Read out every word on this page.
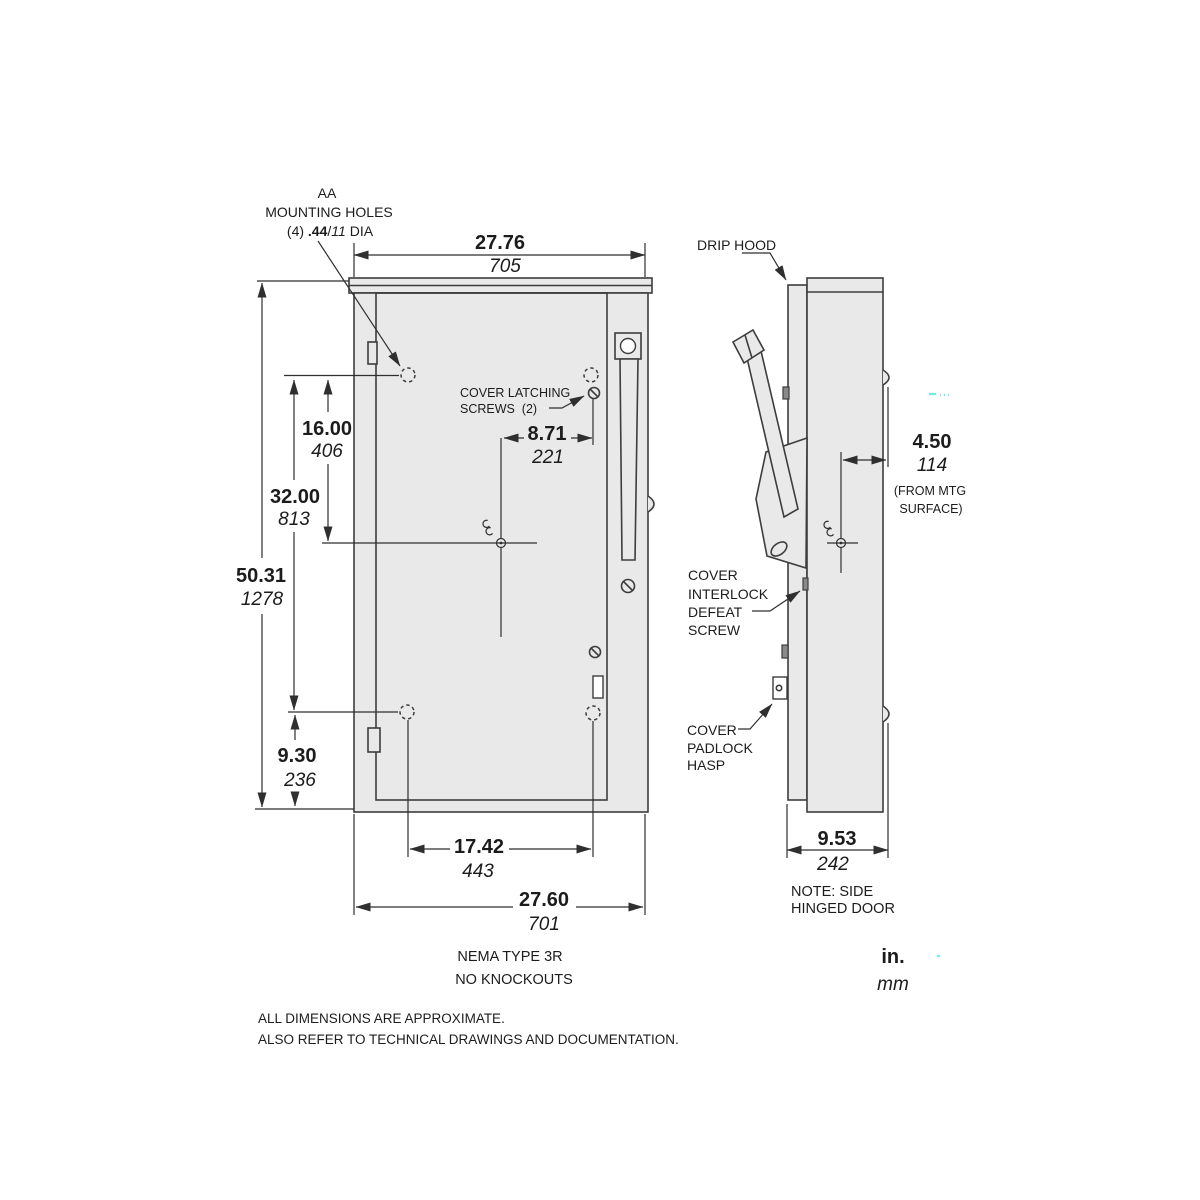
27.76
705
16.00
406
32.00
813
50.31
1278
9.30
236
8.71
221
17.42
443
27.60
701
AA
MOUNTING HOLES
(4) .44/11 DIA
COVER LATCHING
SCREWS  (2)
NEMA TYPE 3R
NO KNOCKOUTS
4.50
114
(FROM MTG
SURFACE)
9.53
242
DRIP HOOD
COVER
INTERLOCK
DEFEAT
SCREW
COVER
PADLOCK
HASP
NOTE: SIDE
HINGED DOOR
in.
mm
ALL DIMENSIONS ARE APPROXIMATE.
ALSO REFER TO TECHNICAL DRAWINGS AND DOCUMENTATION.
